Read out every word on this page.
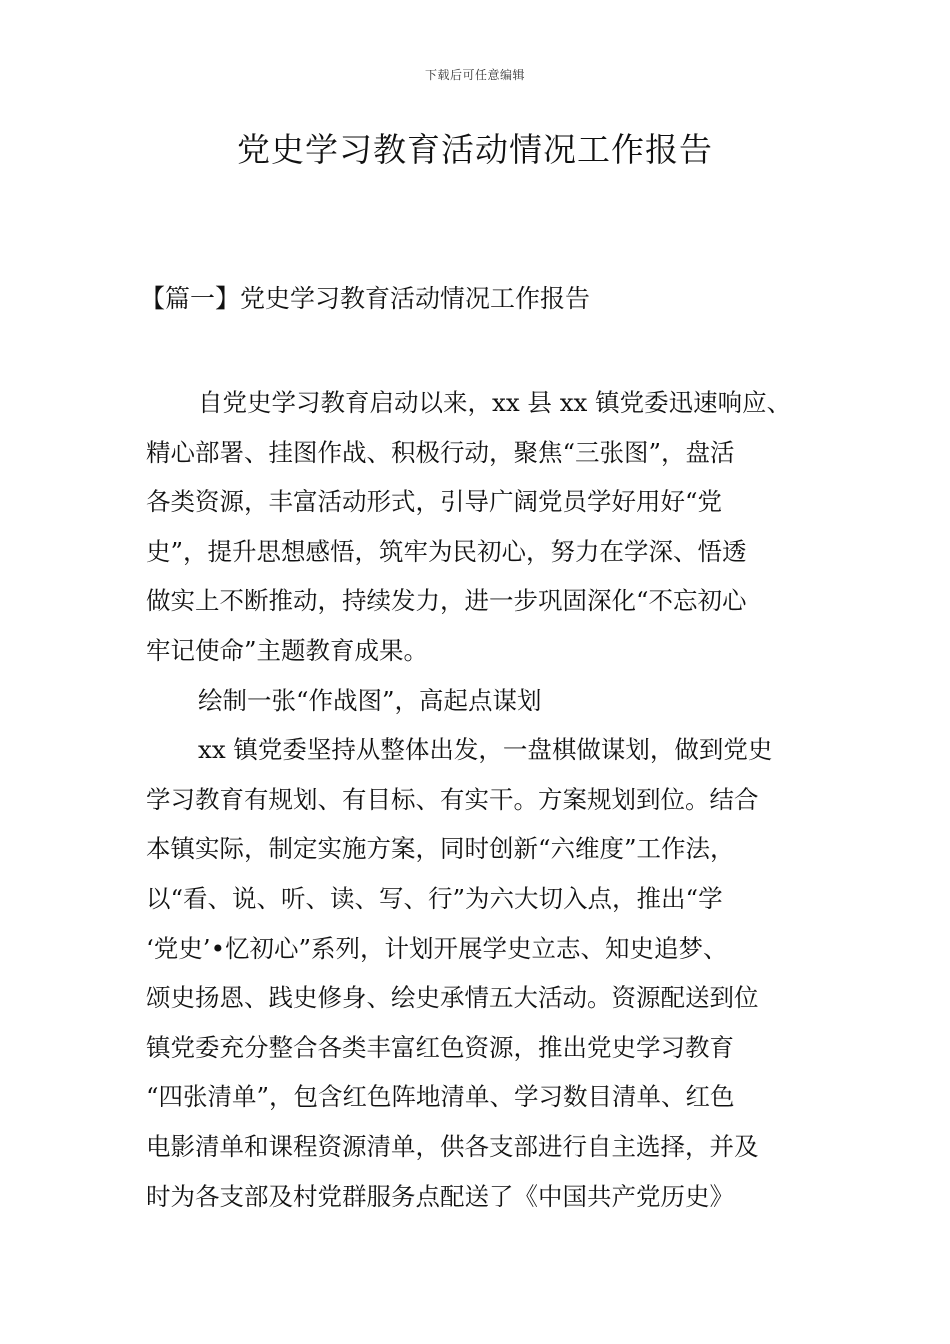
下载后可任意编辑
党史学习教育活动情况工作报告
【篇一】党史学习教育活动情况工作报告
自党史学习教育启动以来，xx 县 xx 镇党委迅速响应、
精心部署、挂图作战、积极行动，聚焦“三张图”，盘活
各类资源，丰富活动形式，引导广阔党员学好用好“党
史”，提升思想感悟，筑牢为民初心，努力在学深、悟透
做实上不断推动，持续发力，进一步巩固深化“不忘初心
牢记使命”主题教育成果。
绘制一张“作战图”，高起点谋划
xx 镇党委坚持从整体出发，一盘棋做谋划，做到党史
学习教育有规划、有目标、有实干。方案规划到位。结合
本镇实际，制定实施方案，同时创新“六维度”工作法，
以“看、说、听、读、写、行”为六大切入点，推出“学
‘党史’•忆初心”系列，计划开展学史立志、知史追梦、
颂史扬恩、践史修身、绘史承情五大活动。资源配送到位
镇党委充分整合各类丰富红色资源，推出党史学习教育
“四张清单”，包含红色阵地清单、学习数目清单、红色
电影清单和课程资源清单，供各支部进行自主选择，并及
时为各支部及村党群服务点配送了《中国共产党历史》
